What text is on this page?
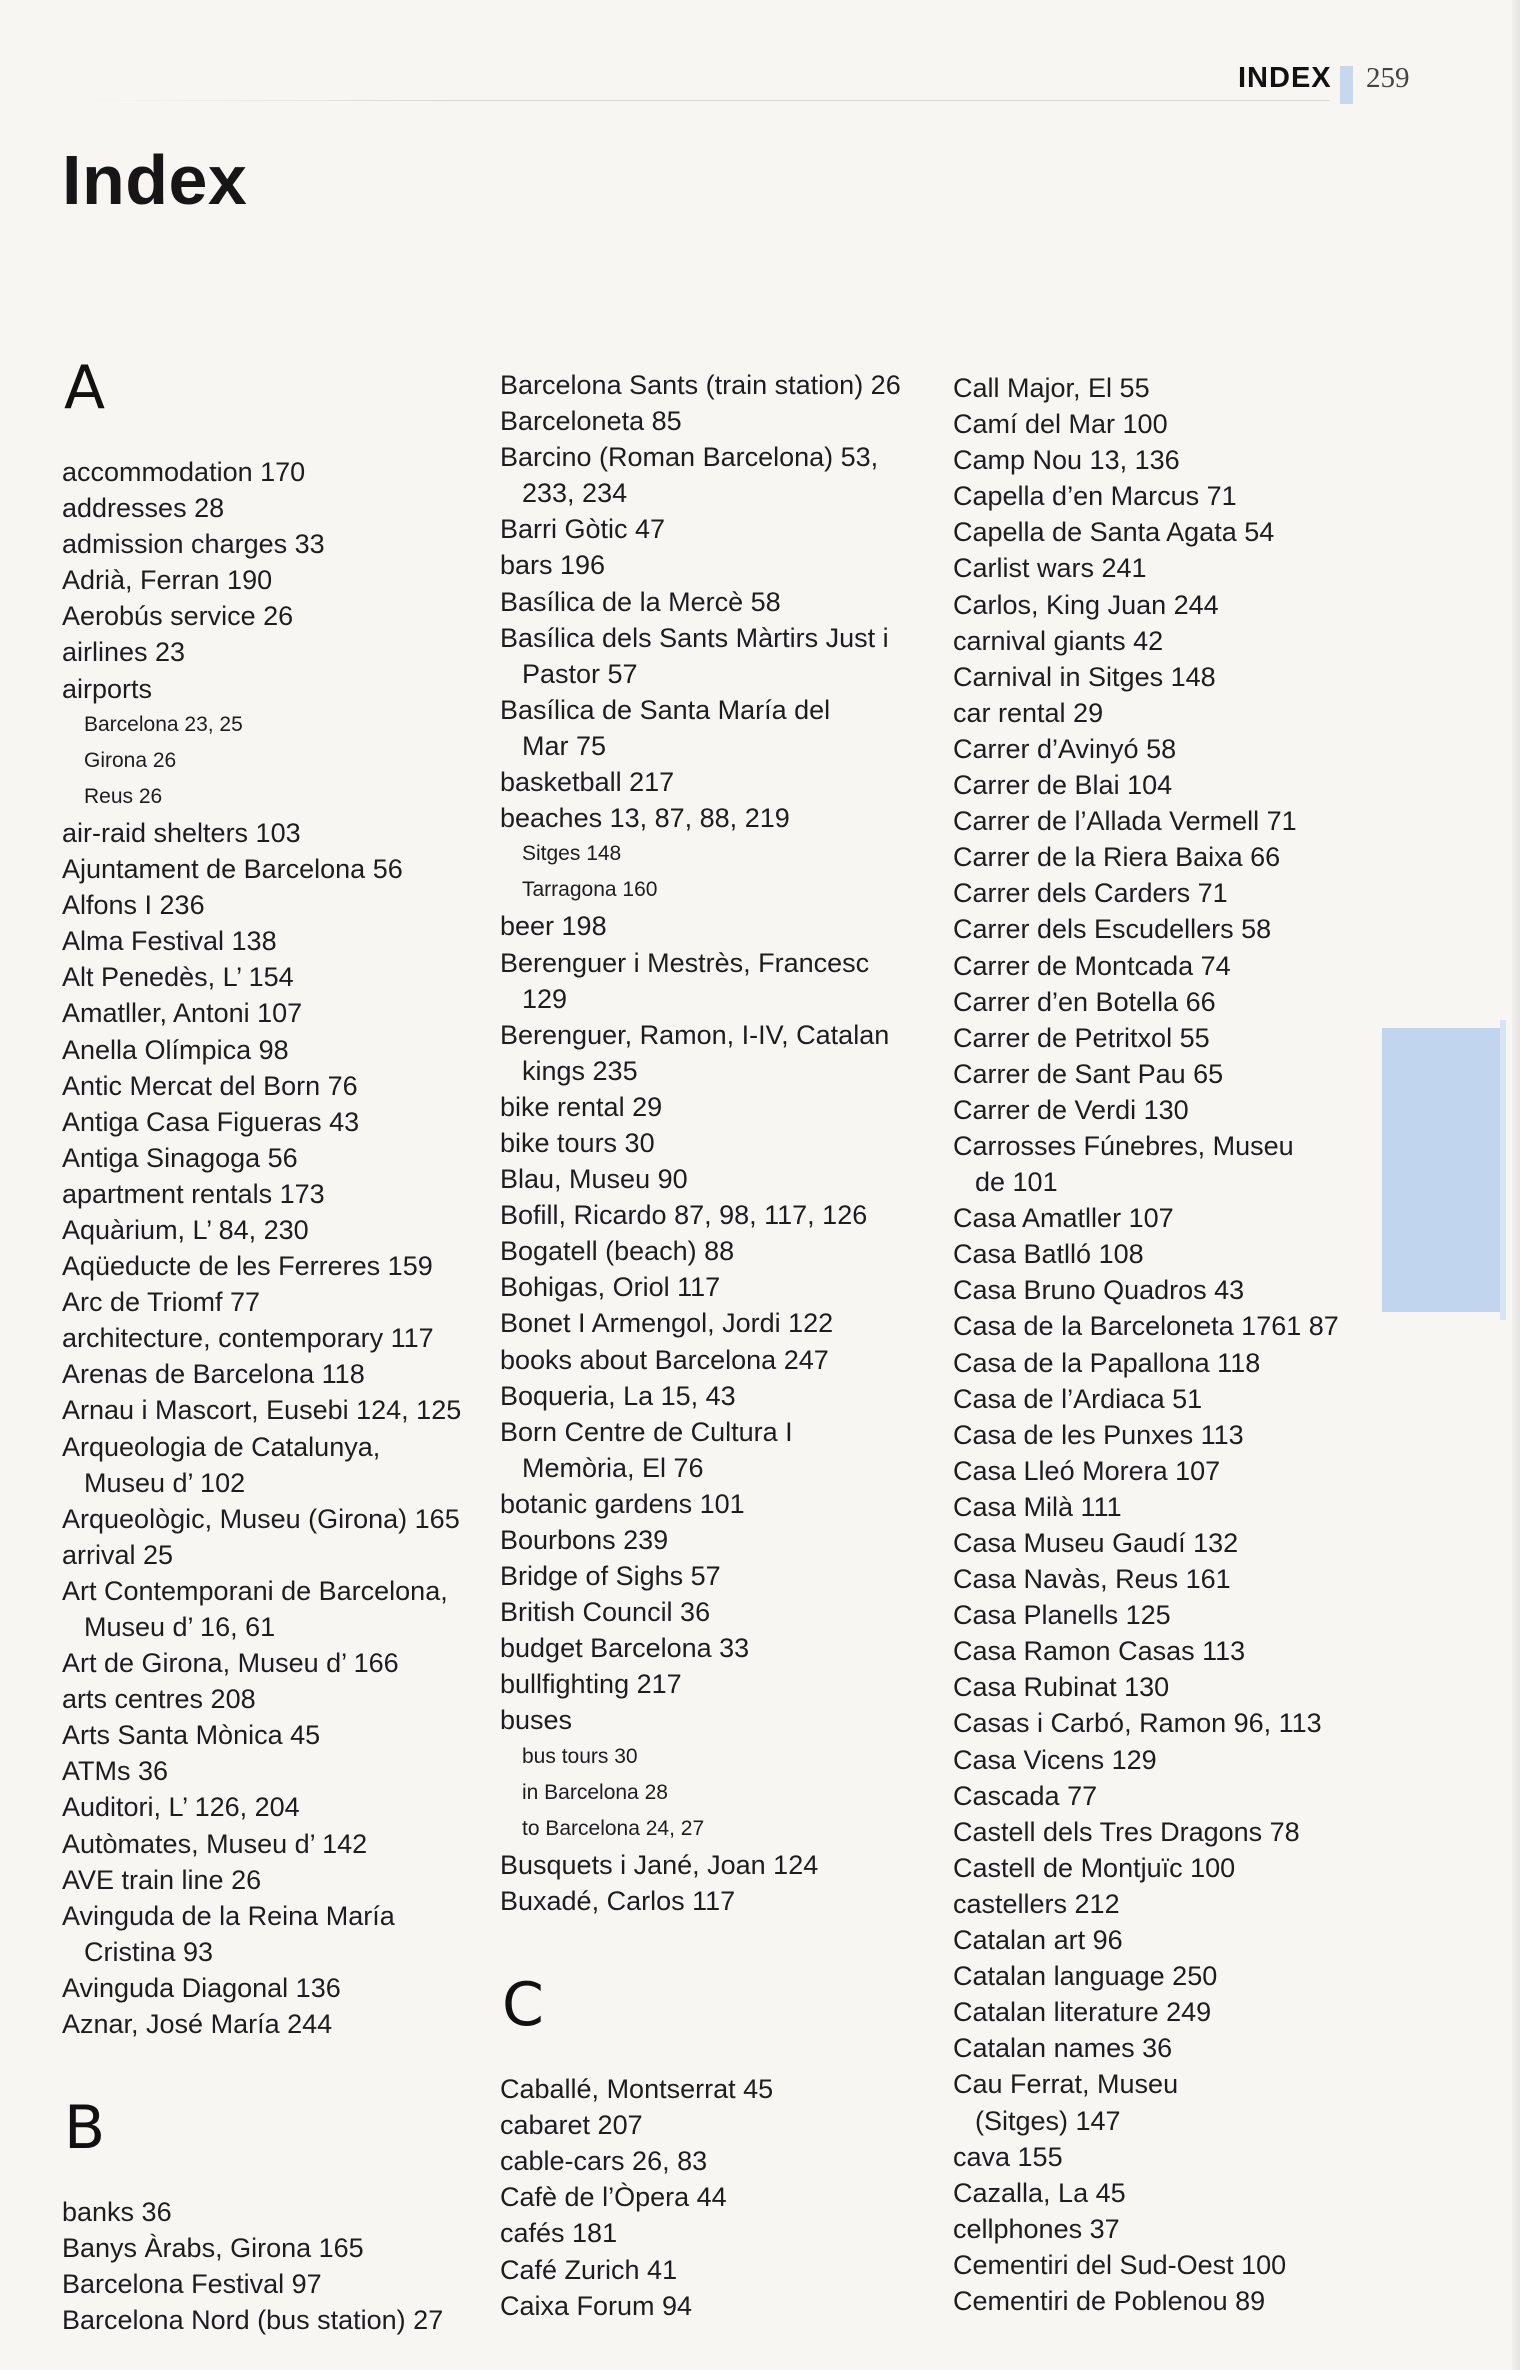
INDEX 259
Index
A
accommodation 170
addresses 28
admission charges 33
Adrià, Ferran 190
Aerobús service 26
airlines 23
airports
Barcelona 23, 25
Girona 26
Reus 26
air-raid shelters 103
Ajuntament de Barcelona 56
Alfons I 236
Alma Festival 138
Alt Penedès, L’ 154
Amatller, Antoni 107
Anella Olímpica 98
Antic Mercat del Born 76
Antiga Casa Figueras 43
Antiga Sinagoga 56
apartment rentals 173
Aquàrium, L’ 84, 230
Aqüeducte de les Ferreres 159
Arc de Triomf 77
architecture, contemporary 117
Arenas de Barcelona 118
Arnau i Mascort, Eusebi 124, 125
Arqueologia de Catalunya,
Museu d’ 102
Arqueològic, Museu (Girona) 165
arrival 25
Art Contemporani de Barcelona,
Museu d’ 16, 61
Art de Girona, Museu d’ 166
arts centres 208
Arts Santa Mònica 45
ATMs 36
Auditori, L’ 126, 204
Autòmates, Museu d’ 142
AVE train line 26
Avinguda de la Reina María
Cristina 93
Avinguda Diagonal 136
Aznar, José María 244
B
banks 36
Banys Àrabs, Girona 165
Barcelona Festival 97
Barcelona Nord (bus station) 27
Barcelona Sants (train station) 26
Barceloneta 85
Barcino (Roman Barcelona) 53,
233, 234
Barri Gòtic 47
bars 196
Basílica de la Mercè 58
Basílica dels Sants Màrtirs Just i
Pastor 57
Basílica de Santa María del
Mar 75
basketball 217
beaches 13, 87, 88, 219
Sitges 148
Tarragona 160
beer 198
Berenguer i Mestrès, Francesc
129
Berenguer, Ramon, I-IV, Catalan
kings 235
bike rental 29
bike tours 30
Blau, Museu 90
Bofill, Ricardo 87, 98, 117, 126
Bogatell (beach) 88
Bohigas, Oriol 117
Bonet I Armengol, Jordi 122
books about Barcelona 247
Boqueria, La 15, 43
Born Centre de Cultura I
Memòria, El 76
botanic gardens 101
Bourbons 239
Bridge of Sighs 57
British Council 36
budget Barcelona 33
bullfighting 217
buses
bus tours 30
in Barcelona 28
to Barcelona 24, 27
Busquets i Jané, Joan 124
Buxadé, Carlos 117
C
Caballé, Montserrat 45
cabaret 207
cable-cars 26, 83
Cafè de l’Òpera 44
cafés 181
Café Zurich 41
Caixa Forum 94
Call Major, El 55
Camí del Mar 100
Camp Nou 13, 136
Capella d’en Marcus 71
Capella de Santa Agata 54
Carlist wars 241
Carlos, King Juan 244
carnival giants 42
Carnival in Sitges 148
car rental 29
Carrer d’Avinyó 58
Carrer de Blai 104
Carrer de l’Allada Vermell 71
Carrer de la Riera Baixa 66
Carrer dels Carders 71
Carrer dels Escudellers 58
Carrer de Montcada 74
Carrer d’en Botella 66
Carrer de Petritxol 55
Carrer de Sant Pau 65
Carrer de Verdi 130
Carrosses Fúnebres, Museu
de 101
Casa Amatller 107
Casa Batlló 108
Casa Bruno Quadros 43
Casa de la Barceloneta 1761 87
Casa de la Papallona 118
Casa de l’Ardiaca 51
Casa de les Punxes 113
Casa Lleó Morera 107
Casa Milà 111
Casa Museu Gaudí 132
Casa Navàs, Reus 161
Casa Planells 125
Casa Ramon Casas 113
Casa Rubinat 130
Casas i Carbó, Ramon 96, 113
Casa Vicens 129
Cascada 77
Castell dels Tres Dragons 78
Castell de Montjuïc 100
castellers 212
Catalan art 96
Catalan language 250
Catalan literature 249
Catalan names 36
Cau Ferrat, Museu
(Sitges) 147
cava 155
Cazalla, La 45
cellphones 37
Cementiri del Sud-Oest 100
Cementiri de Poblenou 89
